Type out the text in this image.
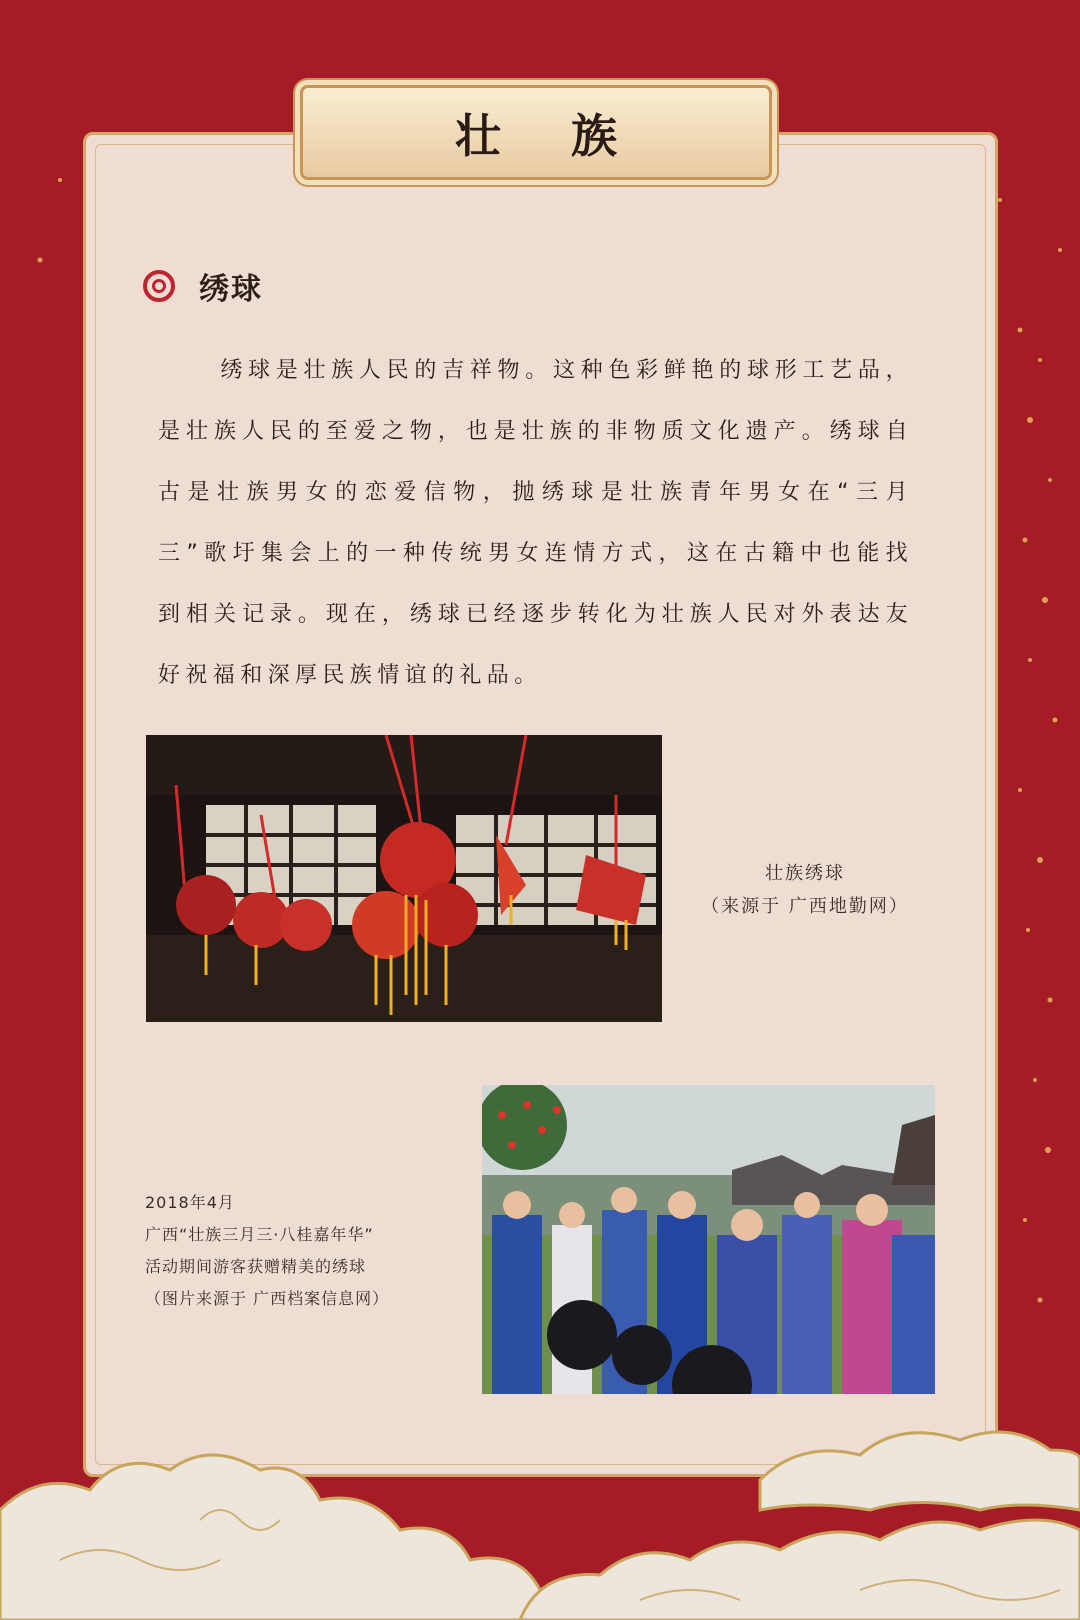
壮族
绣球
绣球是壮族人民的吉祥物。这种色彩鲜艳的球形工艺品，是壮族人民的至爱之物，也是壮族的非物质文化遗产。绣球自古是壮族男女的恋爱信物，抛绣球是壮族青年男女在“三月三”歌圩集会上的一种传统男女连情方式，这在古籍中也能找到相关记录。现在，绣球已经逐步转化为壮族人民对外表达友好祝福和深厚民族情谊的礼品。
壮族绣球
（来源于 广西地勤网）
2018年4月
广西“壮族三月三·八桂嘉年华”
活动期间游客获赠精美的绣球
（图片来源于 广西档案信息网）
